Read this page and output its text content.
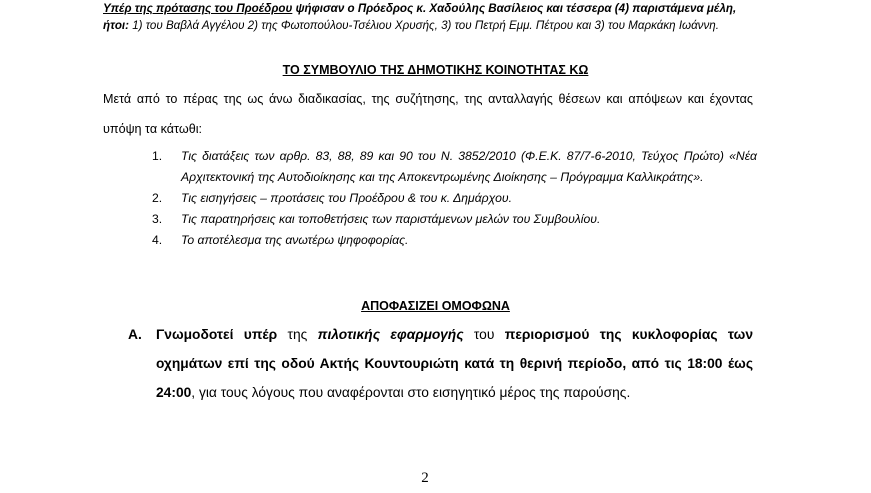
Υπέρ της πρότασης του Προέδρου ψήφισαν ο Πρόεδρος κ. Χαδούλης Βασίλειος και τέσσερα (4) παριστάμενα μέλη,
ήτοι: 1) του Βαβλά Αγγέλου 2) της Φωτοπούλου-Τσέλιου Χρυσής, 3) του Πετρή Εμμ. Πέτρου και 3) του Μαρκάκη Ιωάννη.
ΤΟ ΣΥΜΒΟΥΛΙΟ ΤΗΣ ΔΗΜΟΤΙΚΗΣ ΚΟΙΝΟΤΗΤΑΣ ΚΩ
Μετά από το πέρας της ως άνω διαδικασίας, της συζήτησης, της ανταλλαγής θέσεων και απόψεων και έχοντας υπόψη τα κάτωθι:
1.	Τις διατάξεις των αρθρ. 83, 88, 89 και 90 του Ν. 3852/2010 (Φ.Ε.Κ. 87/7-6-2010, Τεύχος Πρώτο) «Νέα Αρχιτεκτονική της Αυτοδιοίκησης και της Αποκεντρωμένης Διοίκησης – Πρόγραμμα Καλλικράτης».
2.	Τις εισηγήσεις – προτάσεις του Προέδρου & του κ. Δημάρχου.
3.	Τις παρατηρήσεις και τοποθετήσεις των παριστάμενων μελών του Συμβουλίου.
4.	Το αποτέλεσμα της ανωτέρω ψηφοφορίας.
ΑΠΟΦΑΣΙΖΕΙ ΟΜΟΦΩΝΑ
Α.	Γνωμοδοτεί υπέρ της πιλοτικής εφαρμογής του περιορισμού της κυκλοφορίας των οχημάτων επί της οδού Ακτής Κουντουριώτη κατά τη θερινή περίοδο, από τις 18:00 έως 24:00, για τους λόγους που αναφέρονται στο εισηγητικό μέρος της παρούσης.
2
